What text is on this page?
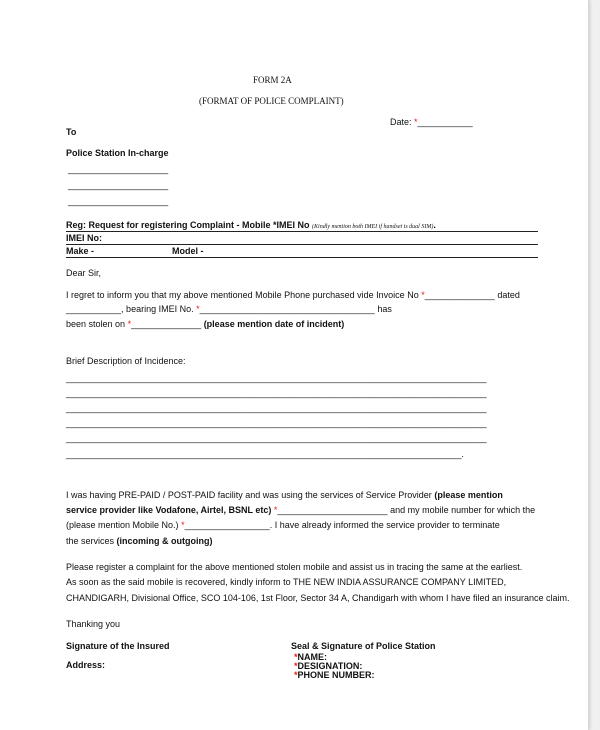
FORM 2A
(FORMAT OF POLICE COMPLAINT)
Date: *___________
To
Police Station In-charge
____________________
____________________
____________________
Reg: Request for registering Complaint - Mobile *IMEI No (Kindly mention both IMEI if handset is dual SIM).
IMEI No:
Make -	Model -
Dear Sir,
I regret to inform you that my above mentioned Mobile Phone purchased vide Invoice No *______________ dated
___________, bearing IMEI No. *___________________________________ has
been stolen on *______________ (please mention date of incident)
Brief Description of Incidence:
____________________________________________________________________________________
____________________________________________________________________________________
____________________________________________________________________________________
____________________________________________________________________________________
____________________________________________________________________________________
_______________________________________________________________________________.
I was having PRE-PAID / POST-PAID facility and was using the services of Service Provider (please mention
service provider like Vodafone, Airtel, BSNL etc) *______________________ and my mobile number for which the
(please mention Mobile No.) *_________________. I have already informed the service provider to terminate
the services (incoming & outgoing)
Please register a complaint for the above mentioned stolen mobile and assist us in tracing the same at the earliest.
As soon as the said mobile is recovered, kindly inform to THE NEW INDIA ASSURANCE COMPANY LIMITED,
CHANDIGARH, Divisional Office, SCO 104-106, 1st Floor, Sector 34 A, Chandigarh with whom I have filed an insurance claim.
Thanking you
Signature of the Insured
Address:
Seal & Signature of Police Station
*NAME:
*DESIGNATION:
*PHONE NUMBER:
